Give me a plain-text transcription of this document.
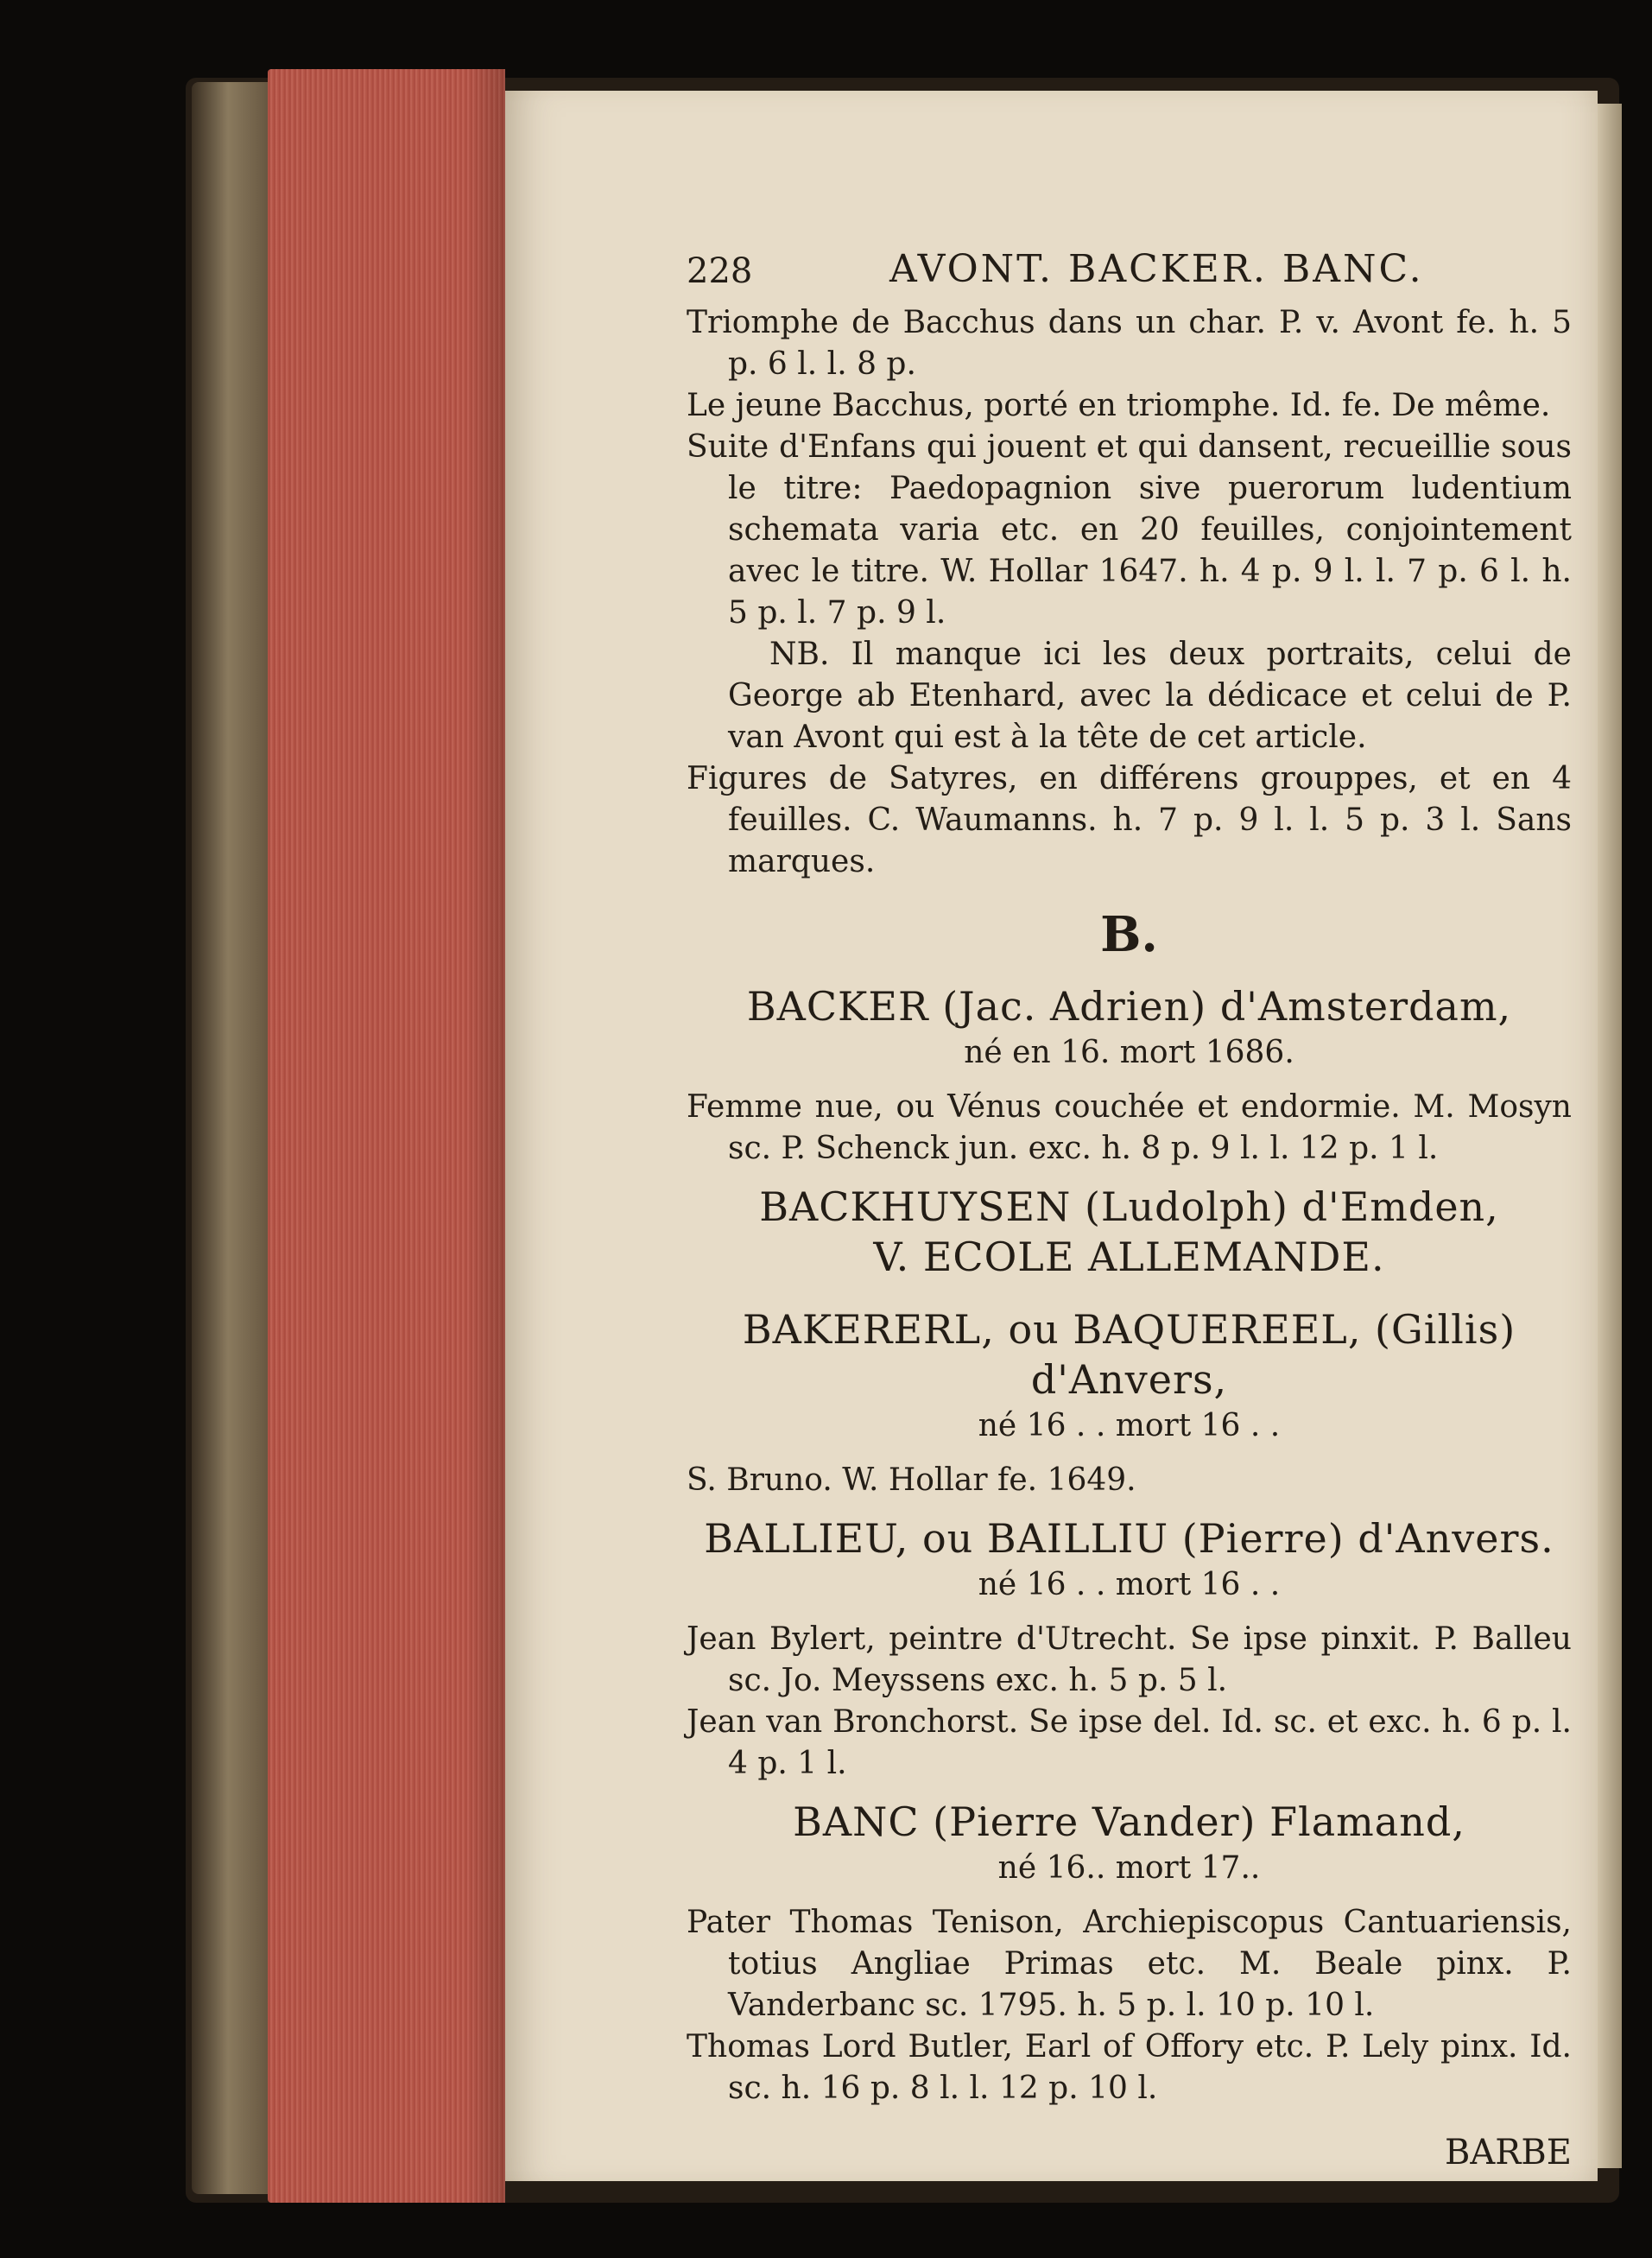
228	AVONT. BACKER. BANC.

Triomphe de Bacchus dans un char. P. v. Avont fe. h. 5 p. 6 l. l. 8 p.

Le jeune Bacchus, porté en triomphe. Id. fe. De même.

Suite d'Enfans qui jouent et qui dansent, recueillie sous le titre: Paedopagnion sive puerorum ludentium schemata varia etc. en 20 feuilles, conjointement avec le titre. W. Hollar 1647. h. 4 p. 9 l. l. 7 p. 6 l. h. 5 p. l. 7 p. 9 l.

NB. Il manque ici les deux portraits, celui de George ab Etenhard, avec la dédicace et celui de P. van Avont qui est à la tête de cet article.

Figures de Satyres, en différens grouppes, et en 4 feuilles. C. Waumanns. h. 7 p. 9 l. l. 5 p. 3 l. Sans marques.

B.
BACKER (Jac. Adrien) d'Amsterdam,
né en 16. mort 1686.

Femme nue, ou Vénus couchée et endormie. M. Mosyn sc. P. Schenck jun. exc. h. 8 p. 9 l. l. 12 p. 1 l.

BACKHUYSEN (Ludolph) d'Emden,
V. ECOLE ALLEMANDE.
BAKERERL, ou BAQUEREEL, (Gillis)
d'Anvers,
né 16 . . mort 16 . .

S. Bruno. W. Hollar fe. 1649.

BALLIEU, ou BAILLIU (Pierre) d'Anvers.
né 16 . . mort 16 . .

Jean Bylert, peintre d'Utrecht. Se ipse pinxit. P. Balleu sc. Jo. Meyssens exc. h. 5 p. 5 l.

Jean van Bronchorst. Se ipse del. Id. sc. et exc. h. 6 p. l. 4 p. 1 l.

BANC (Pierre Vander) Flamand,
né 16.. mort 17..

Pater Thomas Tenison, Archiepiscopus Cantuariensis, totius Angliae Primas etc. M. Beale pinx. P. Vanderbanc sc. 1795. h. 5 p. l. 10 p. 10 l.

Thomas Lord Butler, Earl of Offory etc. P. Lely pinx. Id. sc. h. 16 p. 8 l. l. 12 p. 10 l.

BARBE
